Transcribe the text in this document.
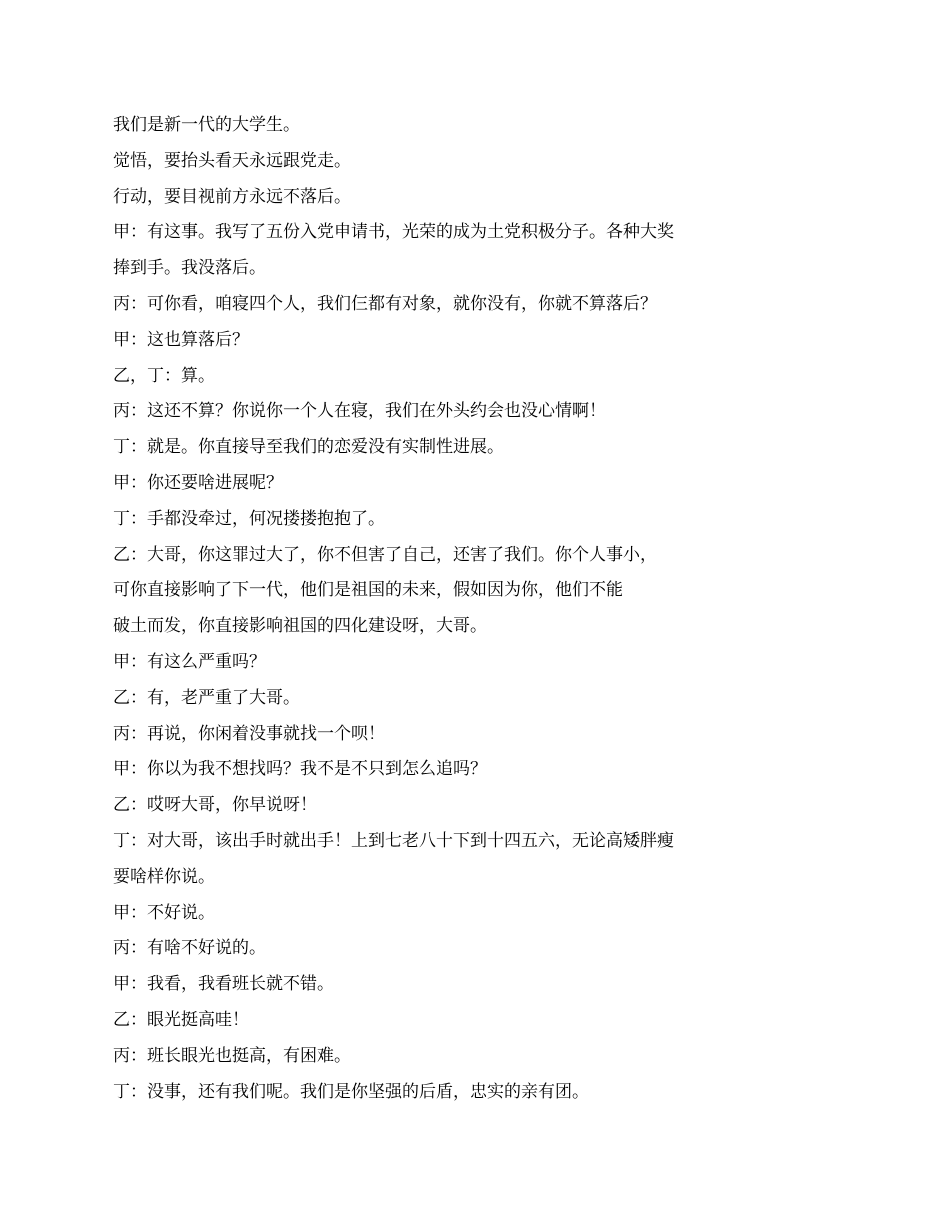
我们是新一代的大学生。

觉悟，要抬头看天永远跟党走。

行动，要目视前方永远不落后。

甲：有这事。我写了五份入党申请书，光荣的成为土党积极分子。各种大奖

捧到手。我没落后。

丙：可你看，咱寝四个人，我们仨都有对象，就你没有，你就不算落后？

甲：这也算落后？

乙，丁：算。

丙：这还不算？你说你一个人在寝，我们在外头约会也没心情啊！

丁：就是。你直接导至我们的恋爱没有实制性进展。

甲：你还要啥进展呢？

丁：手都没牵过，何况搂搂抱抱了。

乙：大哥，你这罪过大了，你不但害了自己，还害了我们。你个人事小，

可你直接影响了下一代，他们是祖国的未来，假如因为你，他们不能

破土而发，你直接影响祖国的四化建设呀，大哥。

甲：有这么严重吗？

乙：有，老严重了大哥。

丙：再说，你闲着没事就找一个呗！

甲：你以为我不想找吗？我不是不只到怎么追吗？

乙：哎呀大哥，你早说呀！

丁：对大哥，该出手时就出手！上到七老八十下到十四五六，无论高矮胖瘦

要啥样你说。

甲：不好说。

丙：有啥不好说的。

甲：我看，我看班长就不错。

乙：眼光挺高哇！

丙：班长眼光也挺高，有困难。

丁：没事，还有我们呢。我们是你坚强的后盾，忠实的亲有团。
